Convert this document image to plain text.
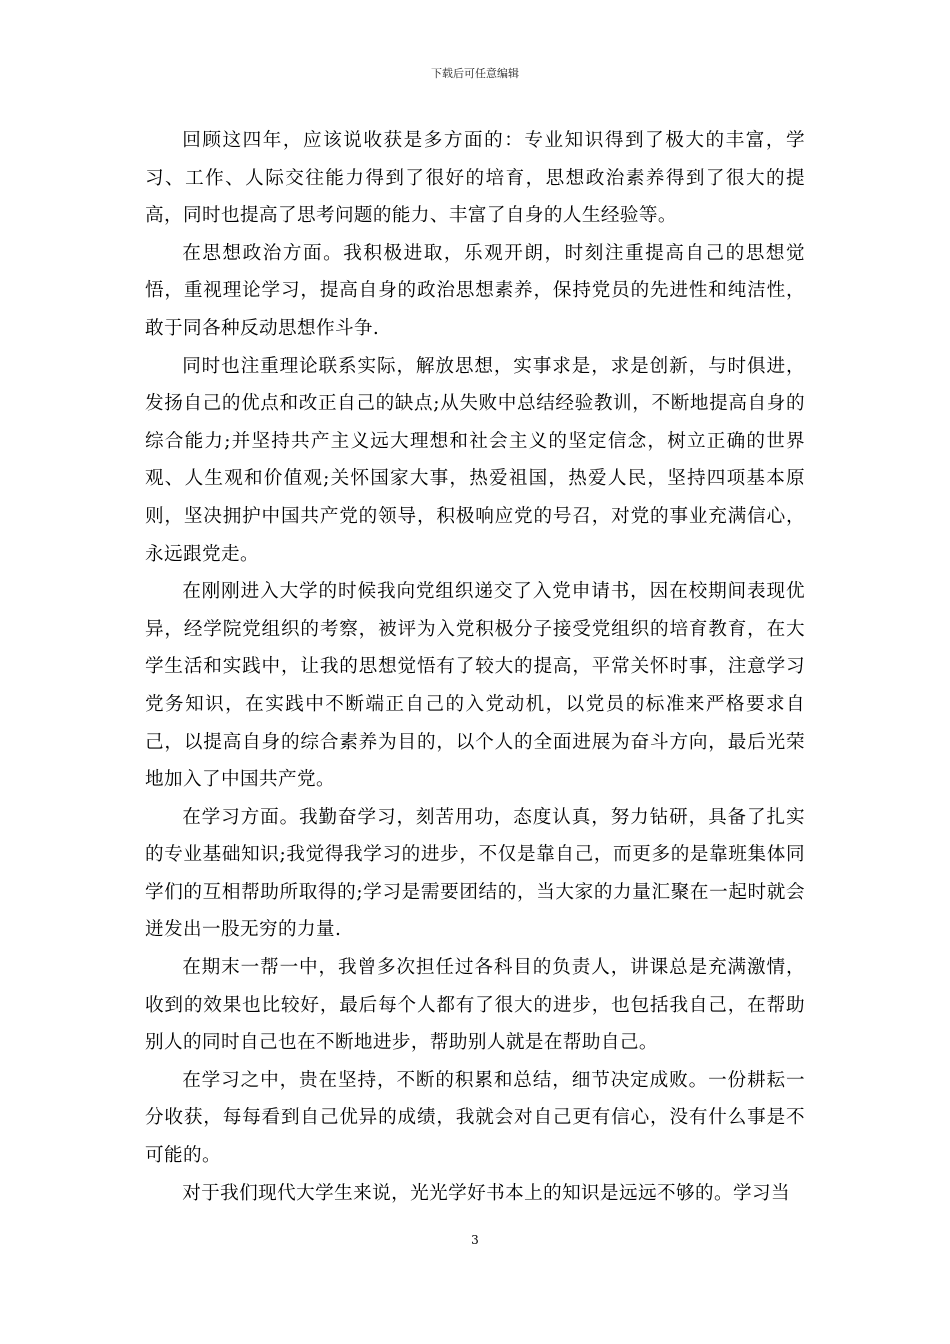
下载后可任意编辑

回顾这四年，应该说收获是多方面的：专业知识得到了极大的丰富，学习、工作、人际交往能力得到了很好的培育，思想政治素养得到了很大的提高，同时也提高了思考问题的能力、丰富了自身的人生经验等。

在思想政治方面。我积极进取，乐观开朗，时刻注重提高自己的思想觉悟，重视理论学习，提高自身的政治思想素养，保持党员的先进性和纯洁性，敢于同各种反动思想作斗争.

同时也注重理论联系实际，解放思想，实事求是，求是创新，与时俱进，发扬自己的优点和改正自己的缺点;从失败中总结经验教训，不断地提高自身的综合能力;并坚持共产主义远大理想和社会主义的坚定信念，树立正确的世界观、人生观和价值观;关怀国家大事，热爱祖国，热爱人民，坚持四项基本原则，坚决拥护中国共产党的领导，积极响应党的号召，对党的事业充满信心，永远跟党走。

在刚刚进入大学的时候我向党组织递交了入党申请书，因在校期间表现优异，经学院党组织的考察，被评为入党积极分子接受党组织的培育教育，在大学生活和实践中，让我的思想觉悟有了较大的提高，平常关怀时事，注意学习党务知识，在实践中不断端正自己的入党动机，以党员的标准来严格要求自己，以提高自身的综合素养为目的，以个人的全面进展为奋斗方向，最后光荣地加入了中国共产党。

在学习方面。我勤奋学习，刻苦用功，态度认真，努力钻研，具备了扎实的专业基础知识;我觉得我学习的进步，不仅是靠自己，而更多的是靠班集体同学们的互相帮助所取得的;学习是需要团结的，当大家的力量汇聚在一起时就会迸发出一股无穷的力量.

在期末一帮一中，我曾多次担任过各科目的负责人，讲课总是充满激情，收到的效果也比较好，最后每个人都有了很大的进步，也包括我自己，在帮助别人的同时自己也在不断地进步，帮助别人就是在帮助自己。

在学习之中，贵在坚持，不断的积累和总结，细节决定成败。一份耕耘一分收获，每每看到自己优异的成绩，我就会对自己更有信心，没有什么事是不可能的。

对于我们现代大学生来说，光光学好书本上的知识是远远不够的。学习当

3
